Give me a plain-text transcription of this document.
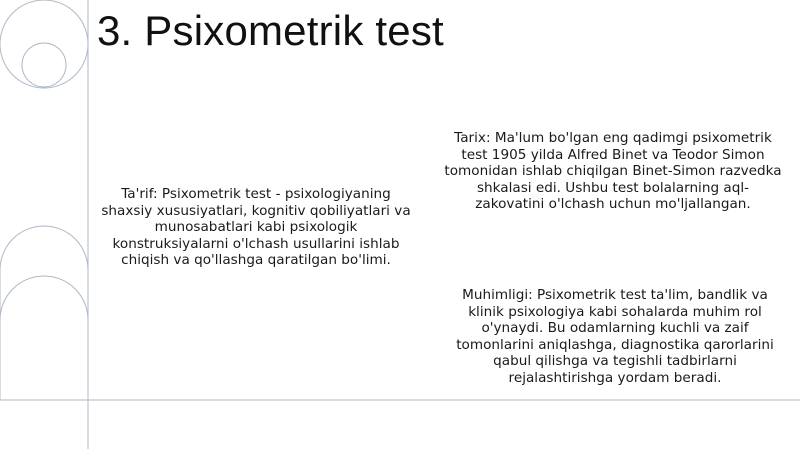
3. Psixometrik test
Ta'rif: Psixometrik test - psixologiyaning shaxsiy xususiyatlari, kognitiv qobiliyatlari va munosabatlari kabi psixologik konstruksiyalarni o'lchash usullarini ishlab chiqish va qo'llashga qaratilgan bo'limi.
Tarix: Ma'lum bo'lgan eng qadimgi psixometrik test 1905 yilda Alfred Binet va Teodor Simon tomonidan ishlab chiqilgan Binet-Simon razvedka shkalasi edi. Ushbu test bolalarning aql-zakovatini o'lchash uchun mo'ljallangan.
Muhimligi: Psixometrik test ta'lim, bandlik va klinik psixologiya kabi sohalarda muhim rol o'ynaydi. Bu odamlarning kuchli va zaif tomonlarini aniqlashga, diagnostika qarorlarini qabul qilishga va tegishli tadbirlarni rejalashtirishga yordam beradi.
